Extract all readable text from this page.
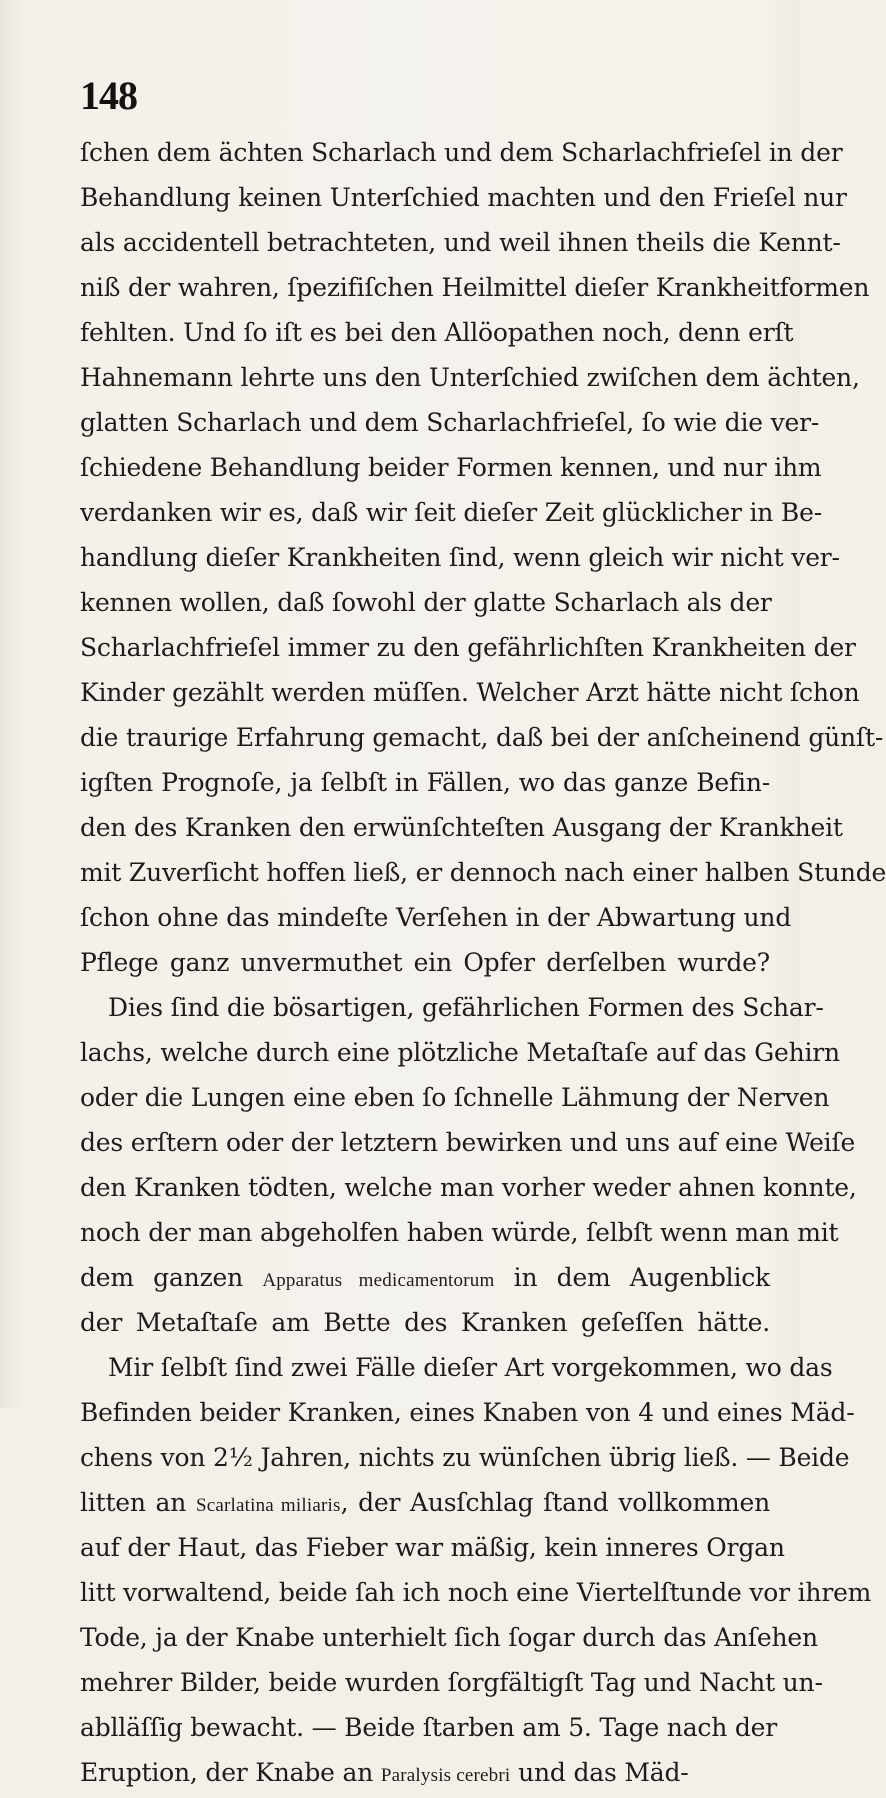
148
ſchen dem ächten Scharlach und dem Scharlachfrieſel in der
Behandlung keinen Unterſchied machten und den Frieſel nur
als accidentell betrachteten, und weil ihnen theils die Kennt-
niß der wahren, ſpezifiſchen Heilmittel dieſer Krankheitformen
fehlten. Und ſo iſt es bei den Allöopathen noch, denn erſt
Hahnemann lehrte uns den Unterſchied zwiſchen dem ächten,
glatten Scharlach und dem Scharlachfrieſel, ſo wie die ver-
ſchiedene Behandlung beider Formen kennen, und nur ihm
verdanken wir es, daß wir ſeit dieſer Zeit glücklicher in Be-
handlung dieſer Krankheiten ſind, wenn gleich wir nicht ver-
kennen wollen, daß ſowohl der glatte Scharlach als der
Scharlachfrieſel immer zu den gefährlichſten Krankheiten der
Kinder gezählt werden müſſen. Welcher Arzt hätte nicht ſchon
die traurige Erfahrung gemacht, daß bei der anſcheinend günſt-
igſten Prognoſe, ja ſelbſt in Fällen, wo das ganze Befin-
den des Kranken den erwünſchteſten Ausgang der Krankheit
mit Zuverſicht hoffen ließ, er dennoch nach einer halben Stunde
ſchon ohne das mindeſte Verſehen in der Abwartung und
Pflege ganz unvermuthet ein Opfer derſelben wurde?
Dies ſind die bösartigen, gefährlichen Formen des Schar-
lachs, welche durch eine plötzliche Metaſtaſe auf das Gehirn
oder die Lungen eine eben ſo ſchnelle Lähmung der Nerven
des erſtern oder der letztern bewirken und uns auf eine Weiſe
den Kranken tödten, welche man vorher weder ahnen konnte,
noch der man abgeholfen haben würde, ſelbſt wenn man mit
dem ganzen Apparatus medicamentorum in dem Augenblick
der Metaſtaſe am Bette des Kranken geſeſſen hätte.
Mir ſelbſt ſind zwei Fälle dieſer Art vorgekommen, wo das
Befinden beider Kranken, eines Knaben von 4 und eines Mäd-
chens von 2½ Jahren, nichts zu wünſchen übrig ließ. — Beide
litten an Scarlatina miliaris, der Ausſchlag ſtand vollkommen
auf der Haut, das Fieber war mäßig, kein inneres Organ
litt vorwaltend, beide ſah ich noch eine Viertelſtunde vor ihrem
Tode, ja der Knabe unterhielt ſich ſogar durch das Anſehen
mehrer Bilder, beide wurden ſorgfältigſt Tag und Nacht un-
ablläſſig bewacht. — Beide ſtarben am 5. Tage nach der
Eruption, der Knabe an Paralysis cerebri und das Mäd-
